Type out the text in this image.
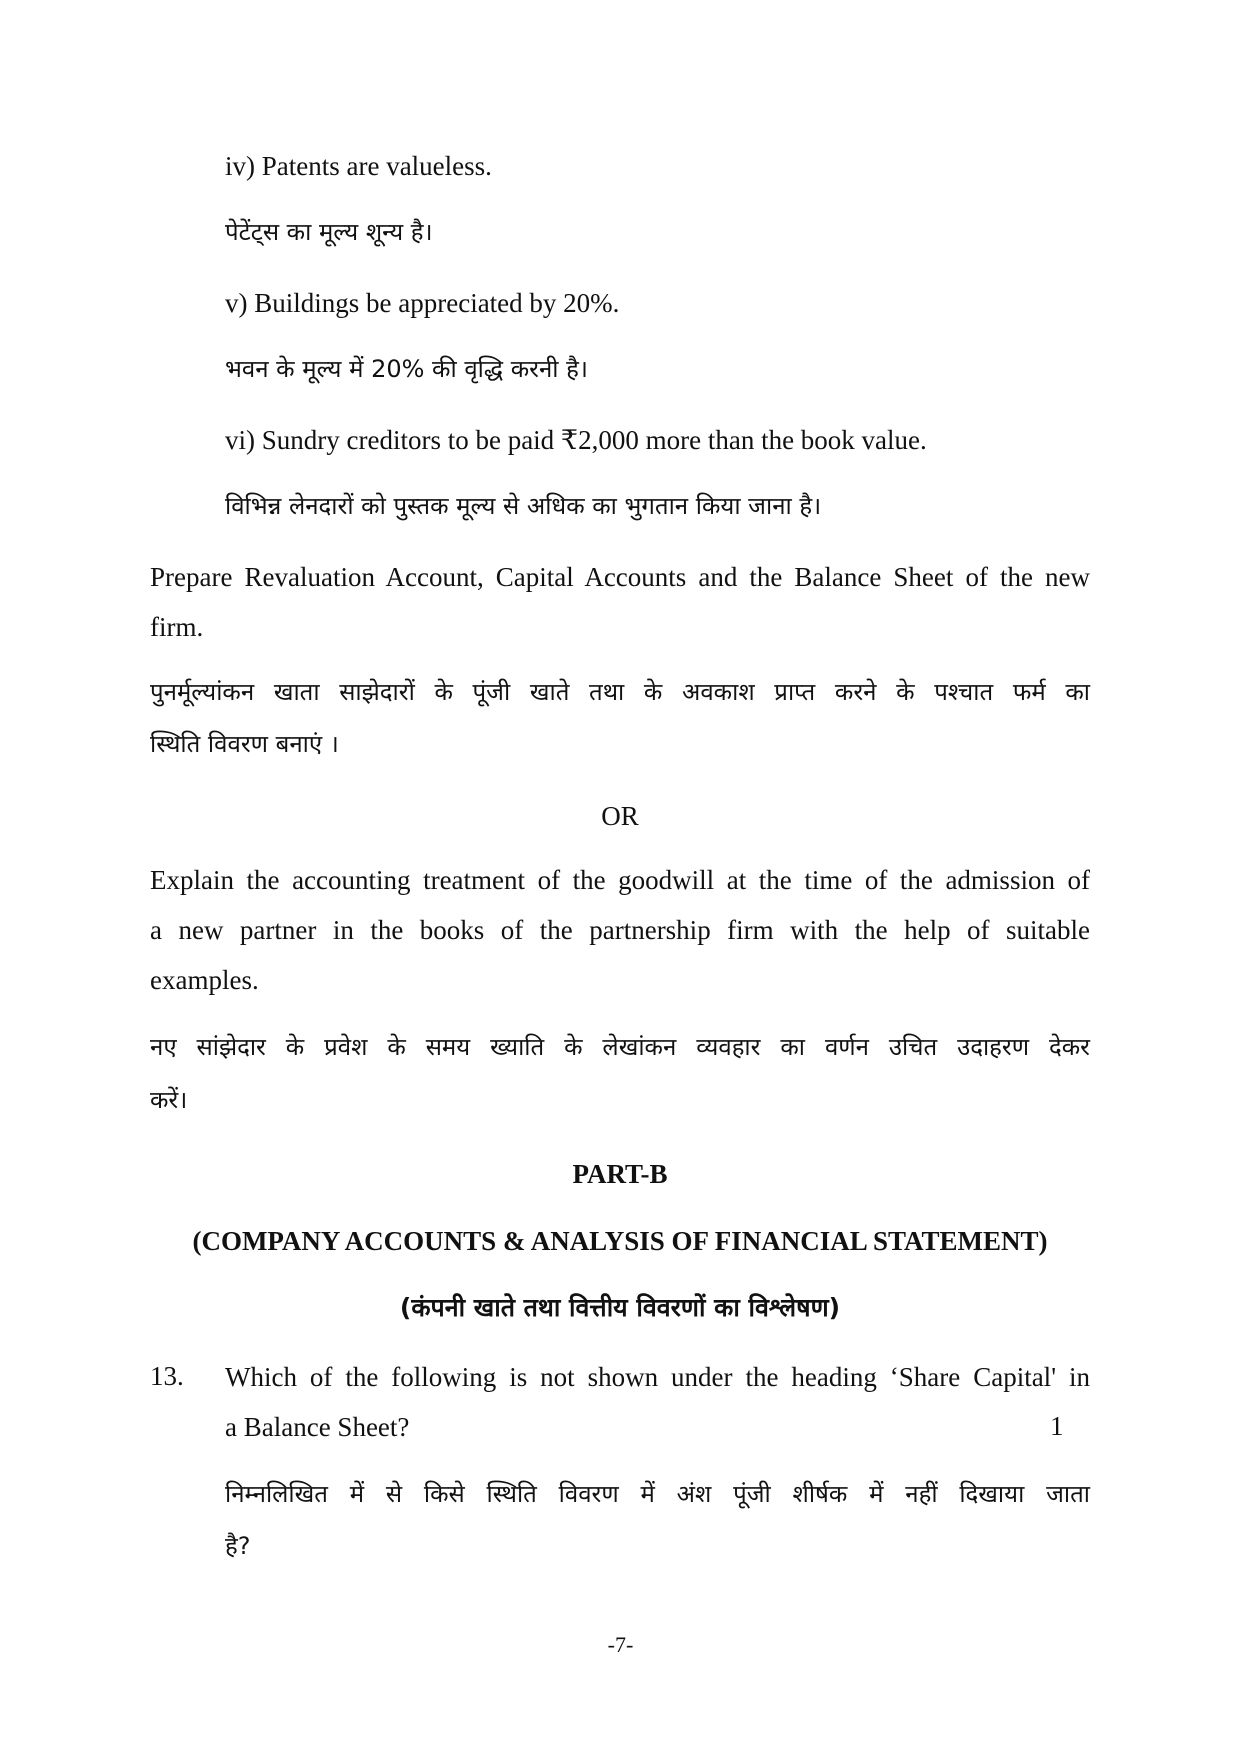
iv) Patents are valueless.
पेटेंट्स का मूल्य शून्य है।
v) Buildings be appreciated by 20%.
भवन के मूल्य में 20% की वृद्धि करनी है।
vi) Sundry creditors to be paid ₹2,000 more than the book value.
विभिन्न लेनदारों को पुस्तक मूल्य से अधिक का भुगतान किया जाना है।
Prepare Revaluation Account, Capital Accounts and the Balance Sheet of the new
firm.
पुनर्मूल्यांकन खाता साझेदारों के पूंजी खाते तथा के अवकाश प्राप्त करने के पश्चात फर्म का
स्थिति विवरण बनाएं ।
OR
Explain the accounting treatment of the goodwill at the time of the admission of
a new partner in the books of the partnership firm with the help of suitable
examples.
नए सांझेदार के प्रवेश के समय ख्याति के लेखांकन व्यवहार का वर्णन उचित उदाहरण देकर
करें।
PART-B
(COMPANY ACCOUNTS & ANALYSIS OF FINANCIAL STATEMENT)
(कंपनी खाते तथा वित्तीय विवरणों का विश्लेषण)
13. Which of the following is not shown under the heading ‘Share Capital' in
a Balance Sheet?	1
निम्नलिखित में से किसे स्थिति विवरण में अंश पूंजी शीर्षक में नहीं दिखाया जाता
है?
-7-
